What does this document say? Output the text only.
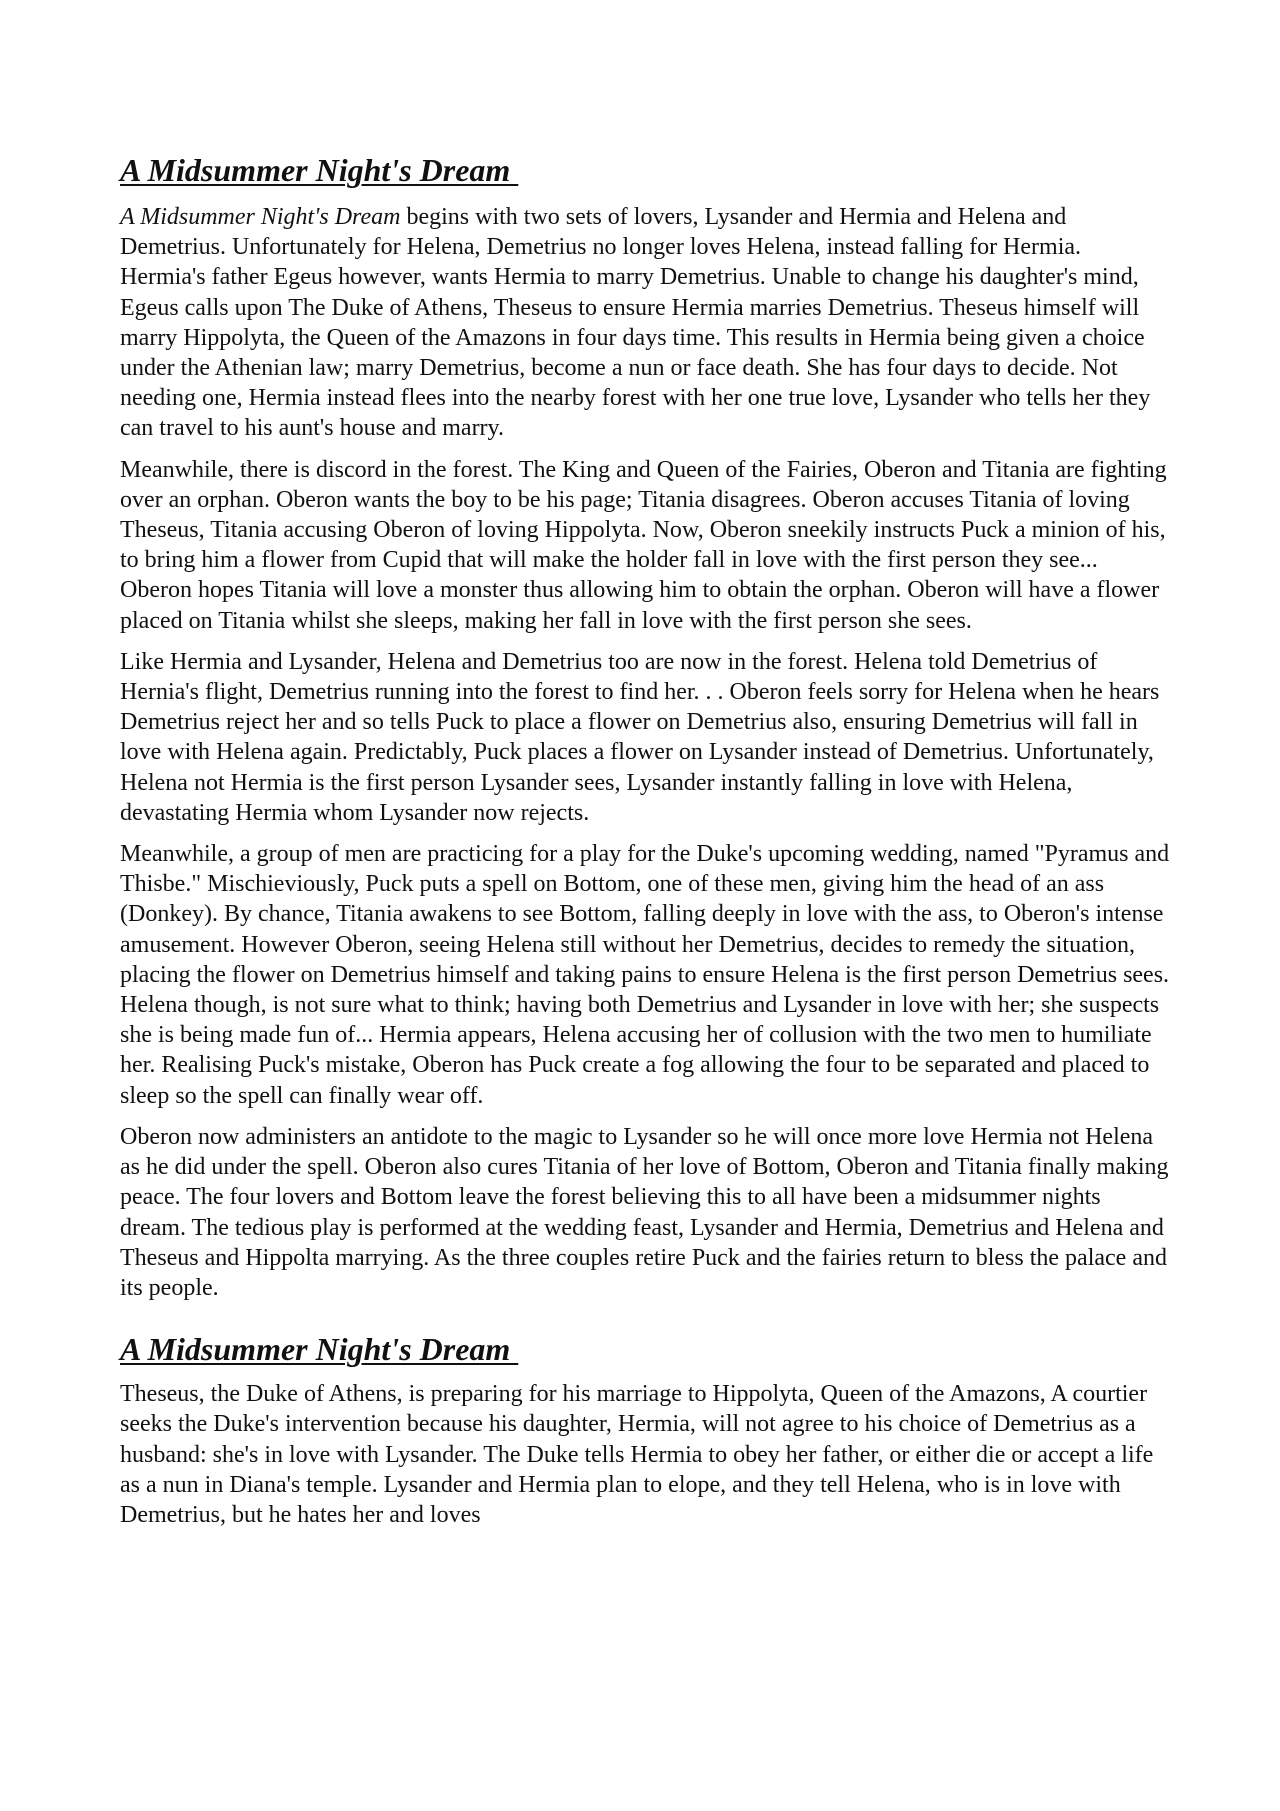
A Midsummer Night's Dream

A Midsummer Night's Dream begins with two sets of lovers, Lysander and Hermia and Helena and Demetrius. Unfortunately for Helena, Demetrius no longer loves Helena, instead falling for Hermia. Hermia's father Egeus however, wants Hermia to marry Demetrius. Unable to change his daughter's mind, Egeus calls upon The Duke of Athens, Theseus to ensure Hermia marries Demetrius. Theseus himself will marry Hippolyta, the Queen of the Amazons in four days time. This results in Hermia being given a choice under the Athenian law; marry Demetrius, become a nun or face death. She has four days to decide. Not needing one, Hermia instead flees into the nearby forest with her one true love, Lysander who tells her they can travel to his aunt's house and marry.

Meanwhile, there is discord in the forest. The King and Queen of the Fairies, Oberon and Titania are fighting over an orphan. Oberon wants the boy to be his page; Titania disagrees. Oberon accuses Titania of loving Theseus, Titania accusing Oberon of loving Hippolyta. Now, Oberon sneekily instructs Puck a minion of his, to bring him a flower from Cupid that will make the holder fall in love with the first person they see... Oberon hopes Titania will love a monster thus allowing him to obtain the orphan. Oberon will have a flower placed on Titania whilst she sleeps, making her fall in love with the first person she sees.

Like Hermia and Lysander, Helena and Demetrius too are now in the forest. Helena told Demetrius of Hernia's flight, Demetrius running into the forest to find her. . . Oberon feels sorry for Helena when he hears Demetrius reject her and so tells Puck to place a flower on Demetrius also, ensuring Demetrius will fall in love with Helena again. Predictably, Puck places a flower on Lysander instead of Demetrius. Unfortunately, Helena not Hermia is the first person Lysander sees, Lysander instantly falling in love with Helena, devastating Hermia whom Lysander now rejects.

Meanwhile, a group of men are practicing for a play for the Duke's upcoming wedding, named "Pyramus and Thisbe." Mischieviously, Puck puts a spell on Bottom, one of these men, giving him the head of an ass (Donkey). By chance, Titania awakens to see Bottom, falling deeply in love with the ass, to Oberon's intense amusement. However Oberon, seeing Helena still without her Demetrius, decides to remedy the situation, placing the flower on Demetrius himself and taking pains to ensure Helena is the first person Demetrius sees. Helena though, is not sure what to think; having both Demetrius and Lysander in love with her; she suspects she is being made fun of... Hermia appears, Helena accusing her of collusion with the two men to humiliate her. Realising Puck's mistake, Oberon has Puck create a fog allowing the four to be separated and placed to sleep so the spell can finally wear off.

Oberon now administers an antidote to the magic to Lysander so he will once more love Hermia not Helena as he did under the spell. Oberon also cures Titania of her love of Bottom, Oberon and Titania finally making peace. The four lovers and Bottom leave the forest believing this to all have been a midsummer nights dream. The tedious play is performed at the wedding feast, Lysander and Hermia, Demetrius and Helena and Theseus and Hippolta marrying. As the three couples retire Puck and the fairies return to bless the palace and its people.

A Midsummer Night's Dream

Theseus, the Duke of Athens, is preparing for his marriage to Hippolyta, Queen of the Amazons, A courtier seeks the Duke's intervention because his daughter, Hermia, will not agree to his choice of Demetrius as a husband: she's in love with Lysander. The Duke tells Hermia to obey her father, or either die or accept a life as a nun in Diana's temple. Lysander and Hermia plan to elope, and they tell Helena, who is in love with Demetrius, but he hates her and loves
